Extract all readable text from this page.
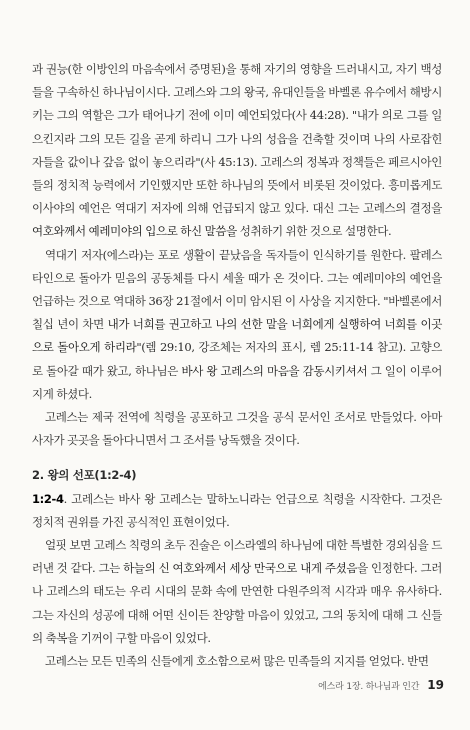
과 권능(한 이방인의 마음속에서 증명된)을 통해 자기의 영향을 드러내시고, 자기 백성들을 구속하신 하나님이시다. 고레스와 그의 왕국, 유대인들을 바벨론 유수에서 해방시키는 그의 역할은 그가 태어나기 전에 이미 예언되었다(사 44:28). "내가 의로 그를 일으킨지라 그의 모든 길을 곧게 하리니 그가 나의 성읍을 건축할 것이며 나의 사로잡힌 자들을 값이나 갚음 없이 놓으리라"(사 45:13). 고레스의 정복과 정책들은 페르시아인들의 정치적 능력에서 기인했지만 또한 하나님의 뜻에서 비롯된 것이었다. 흥미롭게도 이사야의 예언은 역대기 저자에 의해 언급되지 않고 있다. 대신 그는 고레스의 결정을 여호와께서 예레미야의 입으로 하신 말씀을 성취하기 위한 것으로 설명한다.

역대기 저자(에스라)는 포로 생활이 끝났음을 독자들이 인식하기를 원한다. 팔레스타인으로 돌아가 믿음의 공동체를 다시 세울 때가 온 것이다. 그는 예레미야의 예언을 언급하는 것으로 역대하 36장 21절에서 이미 암시된 이 사상을 지지한다. "바벨론에서 칠십 년이 차면 내가 너희를 권고하고 나의 선한 말을 너희에게 실행하여 너희를 이곳으로 돌아오게 하리라"(렘 29:10, 강조체는 저자의 표시, 렘 25:11-14 참고). 고향으로 돌아갈 때가 왔고, 하나님은 바사 왕 고레스의 마음을 감동시키셔서 그 일이 이루어지게 하셨다.

고레스는 제국 전역에 칙령을 공포하고 그것을 공식 문서인 조서로 만들었다. 아마 사자가 곳곳을 돌아다니면서 그 조서를 낭독했을 것이다.

2. 왕의 선포(1:2-4)

1:2-4. 고레스는 바사 왕 고레스는 말하노니라는 언급으로 칙령을 시작한다. 그것은 정치적 권위를 가진 공식적인 표현이었다.

얼핏 보면 고레스 칙령의 초두 진술은 이스라엘의 하나님에 대한 특별한 경외심을 드러낸 것 같다. 그는 하늘의 신 여호와께서 세상 만국으로 내게 주셨음을 인정한다. 그러나 고레스의 태도는 우리 시대의 문화 속에 만연한 다원주의적 시각과 매우 유사하다. 그는 자신의 성공에 대해 어떤 신이든 찬양할 마음이 있었고, 그의 동치에 대해 그 신들의 축복을 기꺼이 구할 마음이 있었다.

고레스는 모든 민족의 신들에게 호소함으로써 많은 민족들의 지지를 얻었다. 반면

에스라 1장. 하나님과 인간 19
